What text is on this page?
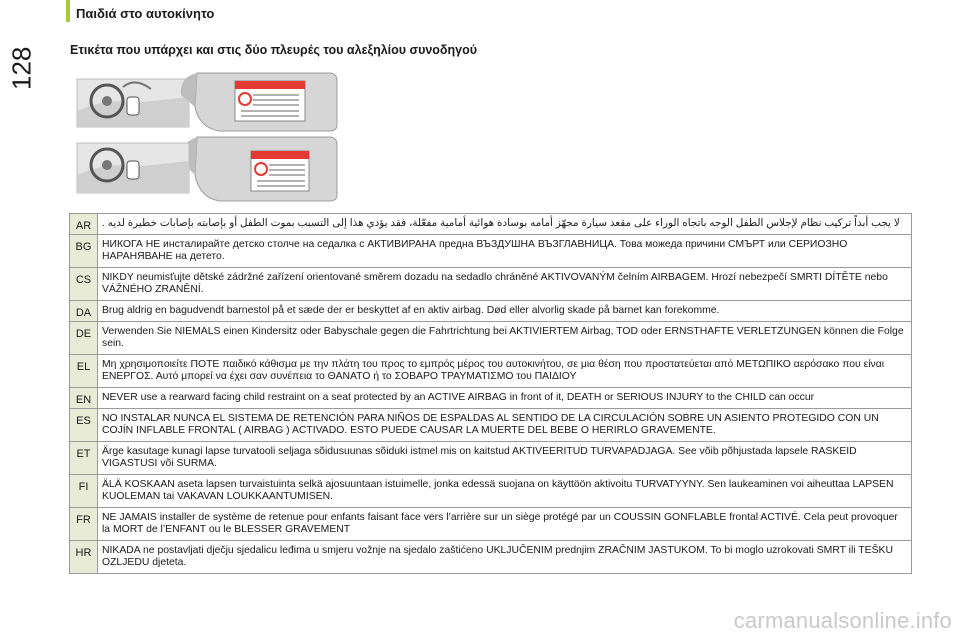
128
Παιδιά στο αυτοκίνητο
Ετικέτα που υπάρχει και στις δύο πλευρές του αλεξηλίου συνοδηγού
AR	لا يجب أبداً تركيب نظام لإجلاس الطفل الوجه باتجاه الوراء على مقعد سيارة مجهّز أمامه بوسادة هوائية أمامية مفعّلة، فقد يؤدي هذا إلى التسبب بموت الطفل أو بإصابته بإصابات خطيرة لديه .
BG	НИКОГА НЕ инсталирайте детско столче на седалка с АКТИВИРАНА предна ВЪЗДУШНА ВЪЗГЛАВНИЦА. Това можеда причини СМЪРТ или СЕРИОЗНО НАРАНЯВАНЕ на детето.
CS	NIKDY neumisťujte dětské zádržné zařízení orientované směrem dozadu na sedadlo chráněné AKTIVOVANÝM čelním AIRBAGEM. Hrozí nebezpečí SMRTI DÍTĚTE nebo VÁŽNÉHO ZRANĚNÍ.
DA	Brug aldrig en bagudvendt barnestol på et sæde der er beskyttet af en aktiv airbag. Død eller alvorlig skade på barnet kan forekomme.
DE	Verwenden Sie NIEMALS einen Kindersitz oder Babyschale gegen die Fahrtrichtung bei AKTIVIERTEM Airbag, TOD oder ERNSTHAFTE VERLETZUNGEN können die Folge sein.
EL	Μη χρησιμοποιείτε ΠΟΤΕ παιδικό κάθισμα με την πλάτη του προς το εμπρός μέρος του αυτοκινήτου, σε μια θέση που προστατεύεται από ΜΕΤΩΠΙΚΟ αερόσακο που είναι ΕΝΕΡΓΟΣ. Αυτό μπορεί να έχει σαν συνέπεια το ΘΑΝΑΤΟ ή το ΣΟΒΑΡΟ ΤΡΑΥΜΑΤΙΣΜΟ του ΠΑΙΔΙΟΥ
EN	NEVER use a rearward facing child restraint on a seat protected by an ACTIVE AIRBAG in front of it, DEATH or SERIOUS INJURY to the CHILD can occur
ES	NO INSTALAR NUNCA EL SISTEMA DE RETENCIÓN PARA NIÑOS DE ESPALDAS AL SENTIDO DE LA CIRCULACIÓN SOBRE UN ASIENTO PROTEGIDO CON UN COJÍN INFLABLE FRONTAL ( AIRBAG ) ACTIVADO. ESTO PUEDE CAUSAR LA MUERTE DEL BEBE O HERIRLO GRAVEMENTE.
ET	Ärge kasutage kunagi lapse turvatooli seljaga sõidusuunas sõiduki istmel mis on kaitstud AKTIVEERITUD TURVAPADJAGA. See võib põhjustada lapsele RASKEID VIGASTUSI või SURMA.
FI	ÄLÄ KOSKAAN aseta lapsen turvaistuinta selkä ajosuuntaan istuimelle, jonka edessä suojana on käyttöön aktivoitu TURVATYYNY. Sen laukeaminen voi aiheuttaa LAPSEN KUOLEMAN tai VAKAVAN LOUKKAANTUMISEN.
FR	NE JAMAIS installer de système de retenue pour enfants faisant face vers l’arrière sur un siège protégé par un COUSSIN GONFLABLE frontal ACTIVÉ. Cela peut provoquer la MORT de l’ENFANT ou le BLESSER GRAVEMENT
HR	NIKADA ne postavljati dječju sjedalicu leđima u smjeru vožnje na sjedalo zaštićeno UKLJUČENIM prednjim ZRAČNIM JASTUKOM. To bi moglo uzrokovati SMRT ili TEŠKU OZLJEDU djeteta.
carmanualsonline.info
